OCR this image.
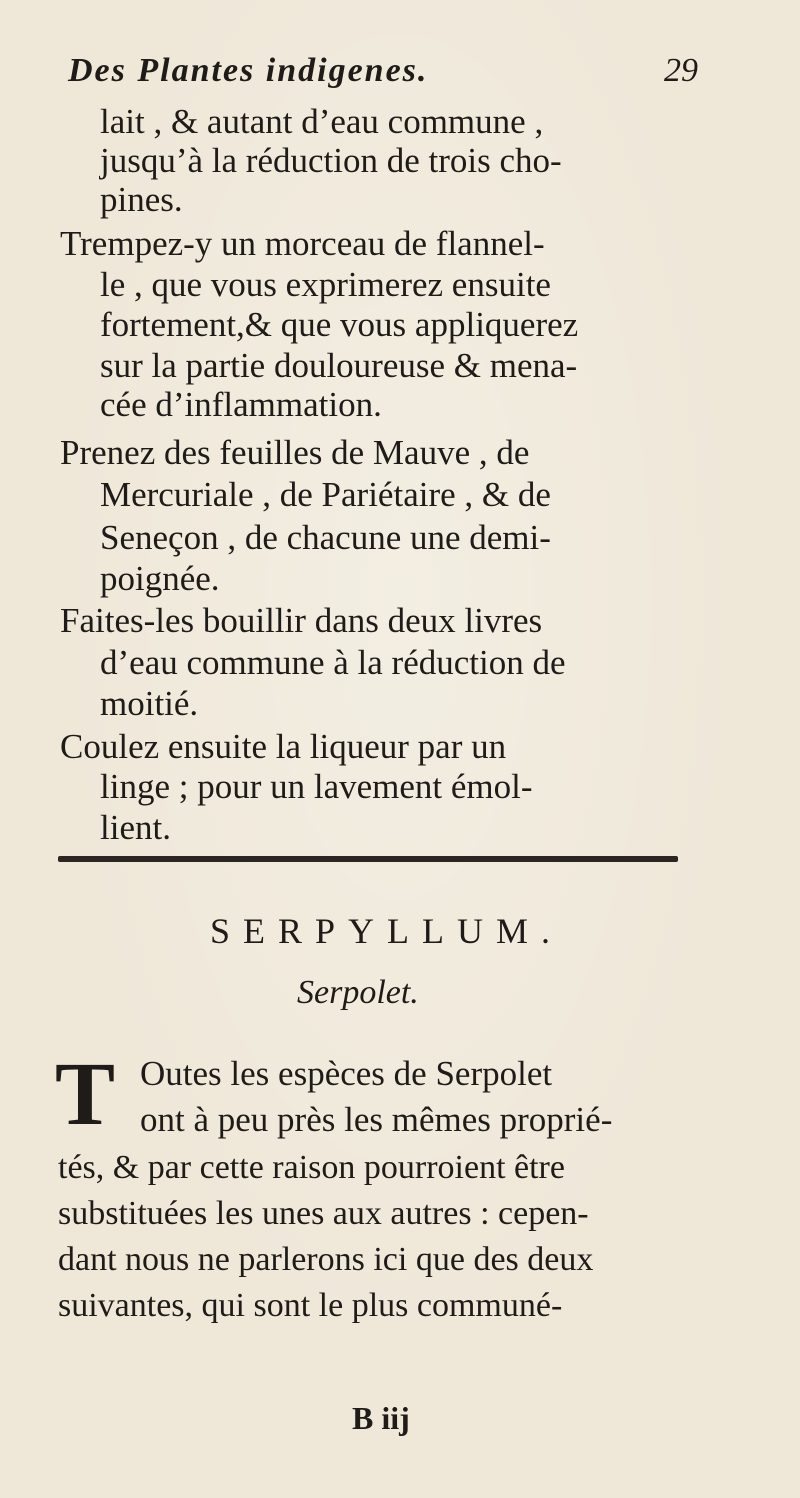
Des Plantes indigenes.	29
lait , & autant d’eau commune ,
jusqu’à la réduction de trois cho-
pines.
Trempez-y un morceau de flannel-
le , que vous exprimerez ensuite
fortement,& que vous appliquerez
sur la partie douloureuse & mena-
cée d’inflammation.
Prenez des feuilles de Mauve , de
Mercuriale , de Pariétaire , & de
Seneçon , de chacune une demi-
poignée.
Faites-les bouillir dans deux livres
d’eau commune à la réduction de
moitié.
Coulez ensuite la liqueur par un
linge ; pour un lavement émol-
lient.
SERPYLLUM.
Serpolet.
T Outes les espèces de Serpolet
ont à peu près les mêmes proprié-
tés, & par cette raison pourroient être
substituées les unes aux autres : cepen-
dant nous ne parlerons ici que des deux
suivantes, qui sont le plus communé-
B iij
